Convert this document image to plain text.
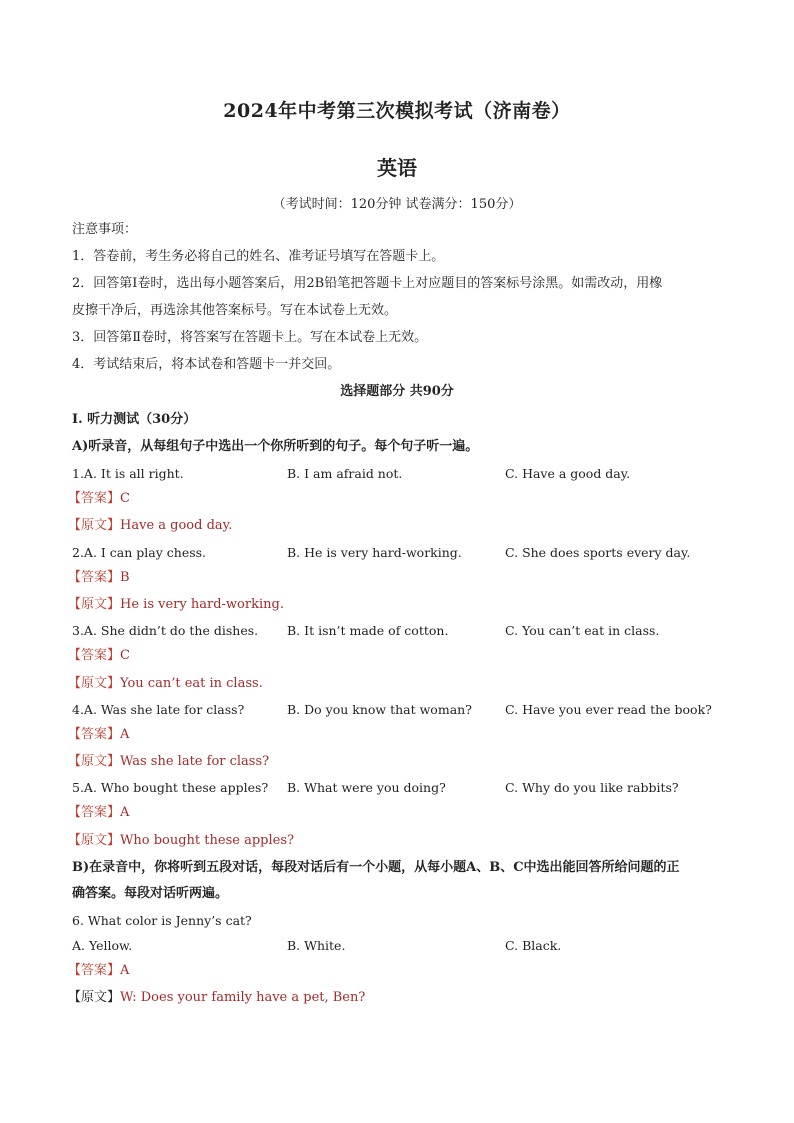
2024年中考第三次模拟考试（济南卷）
英语
（考试时间：120分钟 试卷满分：150分）
注意事项：
1．答卷前，考生务必将自己的姓名、准考证号填写在答题卡上。
2．回答第Ⅰ卷时，选出每小题答案后，用2B铅笔把答题卡上对应题目的答案标号涂黑。如需改动，用橡
皮擦干净后，再选涂其他答案标号。写在本试卷上无效。
3．回答第Ⅱ卷时，将答案写在答题卡上。写在本试卷上无效。
4．考试结束后，将本试卷和答题卡一并交回。
选择题部分 共90分
I. 听力测试（30分）
A)听录音，从每组句子中选出一个你所听到的句子。每个句子听一遍。
1.A. It is all right.	B. I am afraid not.	C. Have a good day.
【答案】C
【原文】Have a good day.
2.A. I can play chess.	B. He is very hard-working.	C. She does sports every day.
【答案】B
【原文】He is very hard-working.
3.A. She didn’t do the dishes. B. It isn’t made of cotton.	C. You can’t eat in class.
【答案】C
【原文】You can’t eat in class.
4.A. Was she late for class?	B. Do you know that woman?	C. Have you ever read the book?
【答案】A
【原文】Was she late for class?
5.A. Who bought these apples? B. What were you doing?	C. Why do you like rabbits?
【答案】A
【原文】Who bought these apples?
B)在录音中，你将听到五段对话，每段对话后有一个小题，从每小题A、B、C中选出能回答所给问题的正
确答案。每段对话听两遍。
6. What color is Jenny’s cat?
A. Yellow.	B. White.	C. Black.
【答案】A
【原文】W: Does your family have a pet, Ben?
